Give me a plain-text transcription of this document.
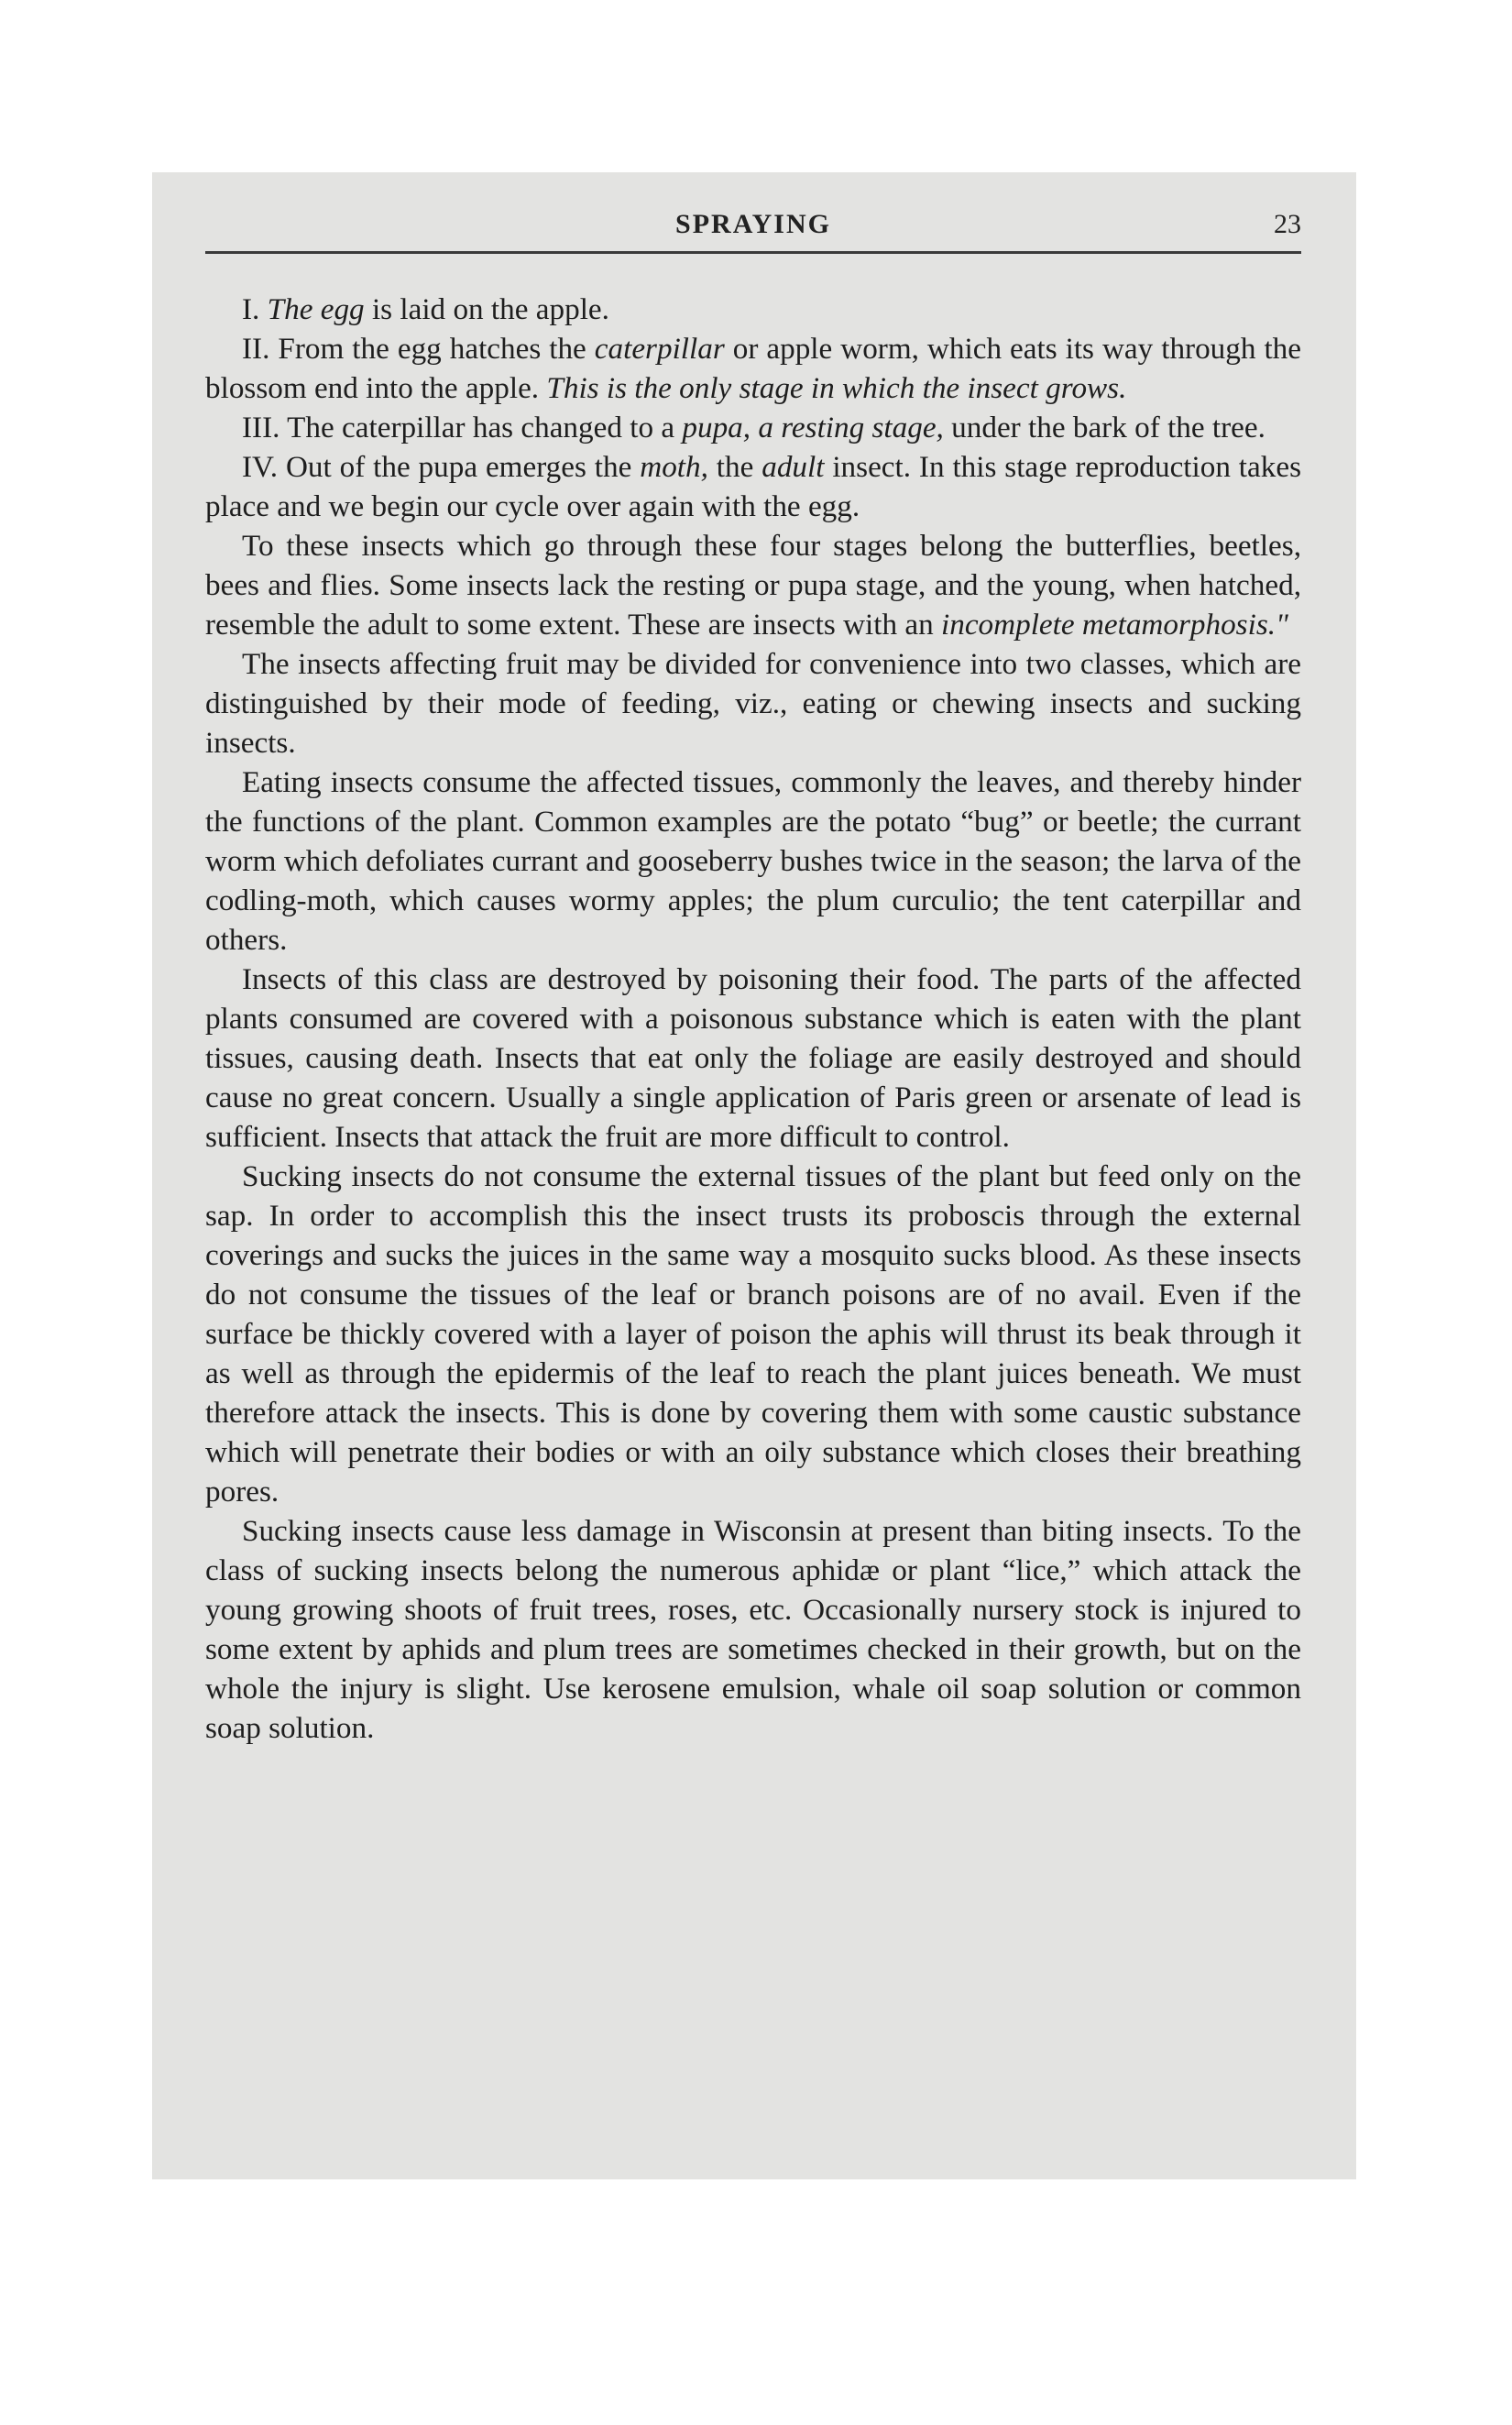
SPRAYING	23

I. The egg is laid on the apple.

II. From the egg hatches the caterpillar or apple worm, which eats its way through the blossom end into the apple. This is the only stage in which the insect grows.

III. The caterpillar has changed to a pupa, a resting stage, under the bark of the tree.

IV. Out of the pupa emerges the moth, the adult insect. In this stage reproduction takes place and we begin our cycle over again with the egg.

To these insects which go through these four stages belong the butterflies, beetles, bees and flies. Some insects lack the resting or pupa stage, and the young, when hatched, resemble the adult to some extent. These are insects with an incomplete metamorphosis."

The insects affecting fruit may be divided for convenience into two classes, which are distinguished by their mode of feeding, viz., eating or chewing insects and sucking insects.

Eating insects consume the affected tissues, commonly the leaves, and thereby hinder the functions of the plant. Common examples are the potato “bug” or beetle; the currant worm which defoliates currant and gooseberry bushes twice in the season; the larva of the codling-moth, which causes wormy apples; the plum curculio; the tent caterpillar and others.

Insects of this class are destroyed by poisoning their food. The parts of the affected plants consumed are covered with a poisonous substance which is eaten with the plant tissues, causing death. Insects that eat only the foliage are easily destroyed and should cause no great concern. Usually a single application of Paris green or arsenate of lead is sufficient. Insects that attack the fruit are more difficult to control.

Sucking insects do not consume the external tissues of the plant but feed only on the sap. In order to accomplish this the insect trusts its proboscis through the external coverings and sucks the juices in the same way a mosquito sucks blood. As these insects do not consume the tissues of the leaf or branch poisons are of no avail. Even if the surface be thickly covered with a layer of poison the aphis will thrust its beak through it as well as through the epidermis of the leaf to reach the plant juices beneath. We must therefore attack the insects. This is done by covering them with some caustic substance which will penetrate their bodies or with an oily substance which closes their breathing pores.

Sucking insects cause less damage in Wisconsin at present than biting insects. To the class of sucking insects belong the numerous aphidæ or plant “lice,” which attack the young growing shoots of fruit trees, roses, etc. Occasionally nursery stock is injured to some extent by aphids and plum trees are sometimes checked in their growth, but on the whole the injury is slight. Use kerosene emulsion, whale oil soap solution or common soap solution.
